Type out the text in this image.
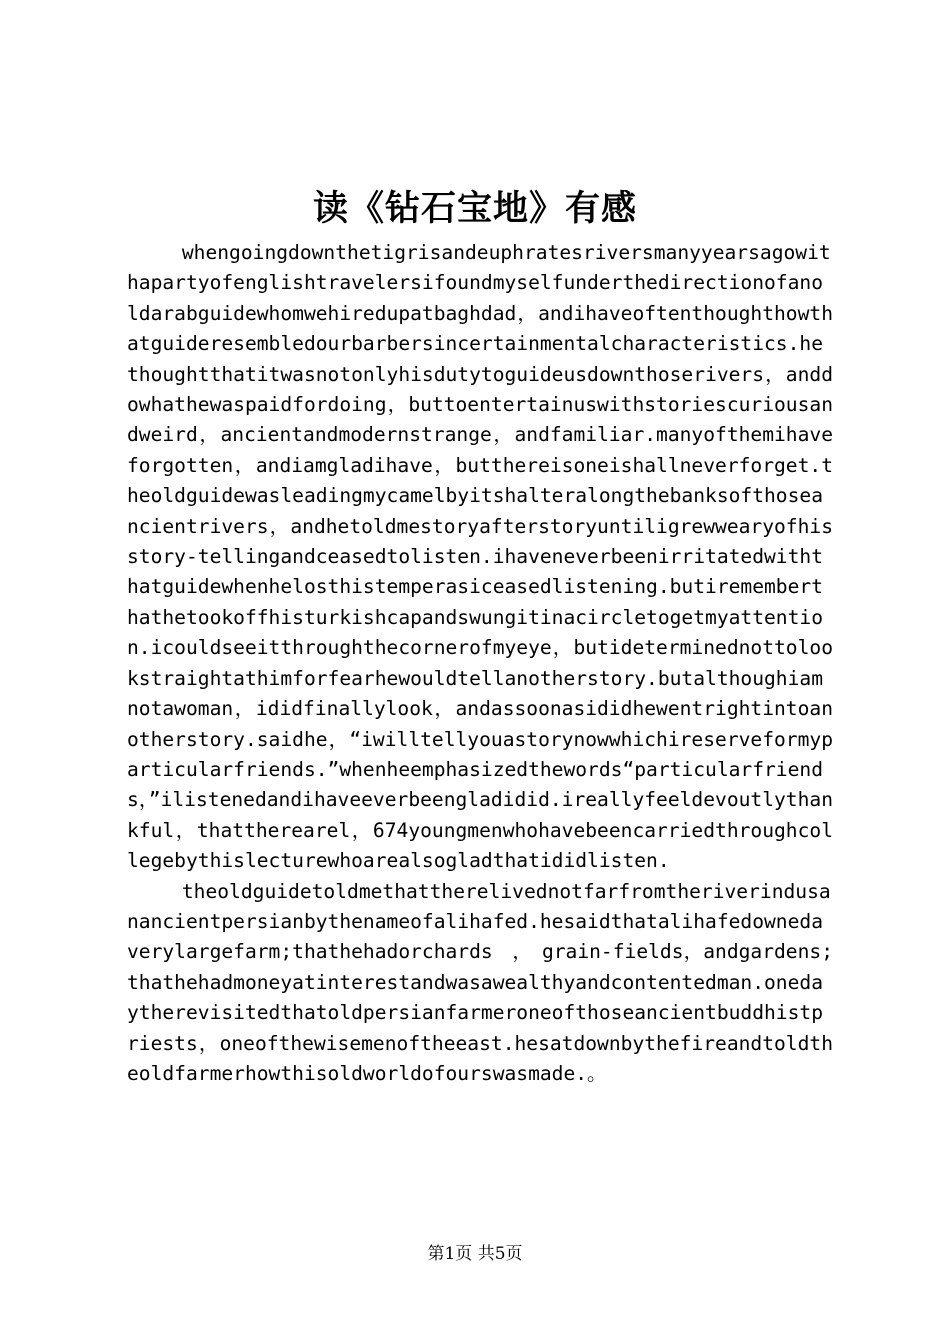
读《钻石宝地》有感

whengoingdownthetigrisandeuphratesriversmanyyearsagowithapartyofenglishtravelersifoundmyselfunderthedirectionofanoldarabguidewhomwehiredupatbaghdad，andihaveoftenthoughthowthatguideresembledourbarbersincertainmentalcharacteristics.hethoughtthatitwasnotonlyhisdutytoguideusdownthoserivers，anddowhathewaspaidfordoing，buttoentertainuswithstoriescuriousandweird，ancientandmodernstrange，andfamiliar.manyofthemihaveforgotten，andiamgladihave，butthereisoneishallneverforget.theoldguidewasleadingmycamelbyitshalteralongthebanksofthoseancientrivers，andhetoldmestoryafterstoryuntiligrewwearyofhisstory-tellingandceasedtolisten.ihaveneverbeenirritatedwiththatguidewhenhelosthistemperasiceasedlistening.butirememberthathetookoffhisturkishcapandswungitinacircletogetmyattention.icouldseeitthroughthecornerofmyeye，butideterminednottolookstraightathimforfearhewouldtellanotherstory.butalthoughiamnotawoman，ididfinallylook，andassoonasididhewentrightintoanotherstory.saidhe，“iwilltellyouastorynowwhichireserveformyparticularfriends.”whenheemphasizedthewords“particularfriends，”ilistenedandihaveeverbeengladidid.ireallyfeeldevoutlythankful，thattherearel，674youngmenwhohavebeencarriedthroughcollegebythislecturewhoarealsogladthatididlisten.

theoldguidetoldmethattherelivednotfarfromtheriverindusanancientpersianbythenameofalihafed.hesaidthatalihafedownedaverylargefarm;thathehadorchards　，　grain-fields，andgardens;thathehadmoneyatinterestandwasawealthyandcontentedman.onedaytherevisitedthatoldpersianfarmeroneofthoseancientbuddhistpriests，oneofthewisemenoftheeast.hesatdownbythefireandtoldtheoldfarmerhowthisoldworldofourswasmade.。

第1页 共5页
